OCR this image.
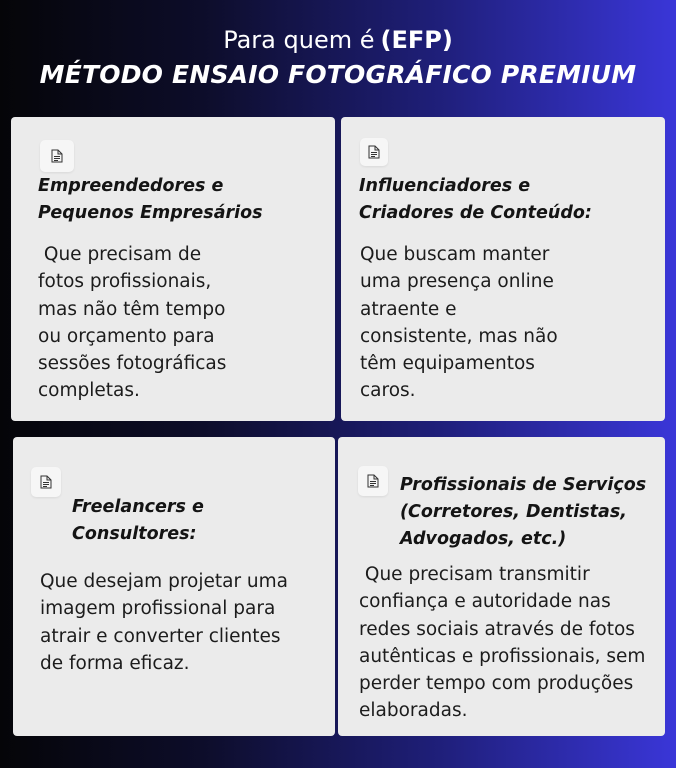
Para quem é (EFP)
MÉTODO ENSAIO FOTOGRÁFICO PREMIUM
Empreendedores e
Pequenos Empresários
Que precisam de
fotos profissionais,
mas não têm tempo
ou orçamento para
sessões fotográficas
completas.
Influenciadores e
Criadores de Conteúdo:
Que buscam manter
uma presença online
atraente e
consistente, mas não
têm equipamentos
caros.
Freelancers e
Consultores:
Que desejam projetar uma
imagem profissional para
atrair e converter clientes
de forma eficaz.
Profissionais de Serviços
(Corretores, Dentistas,
Advogados, etc.)
Que precisam transmitir
confiança e autoridade nas
redes sociais através de fotos
autênticas e profissionais, sem
perder tempo com produções
elaboradas.
